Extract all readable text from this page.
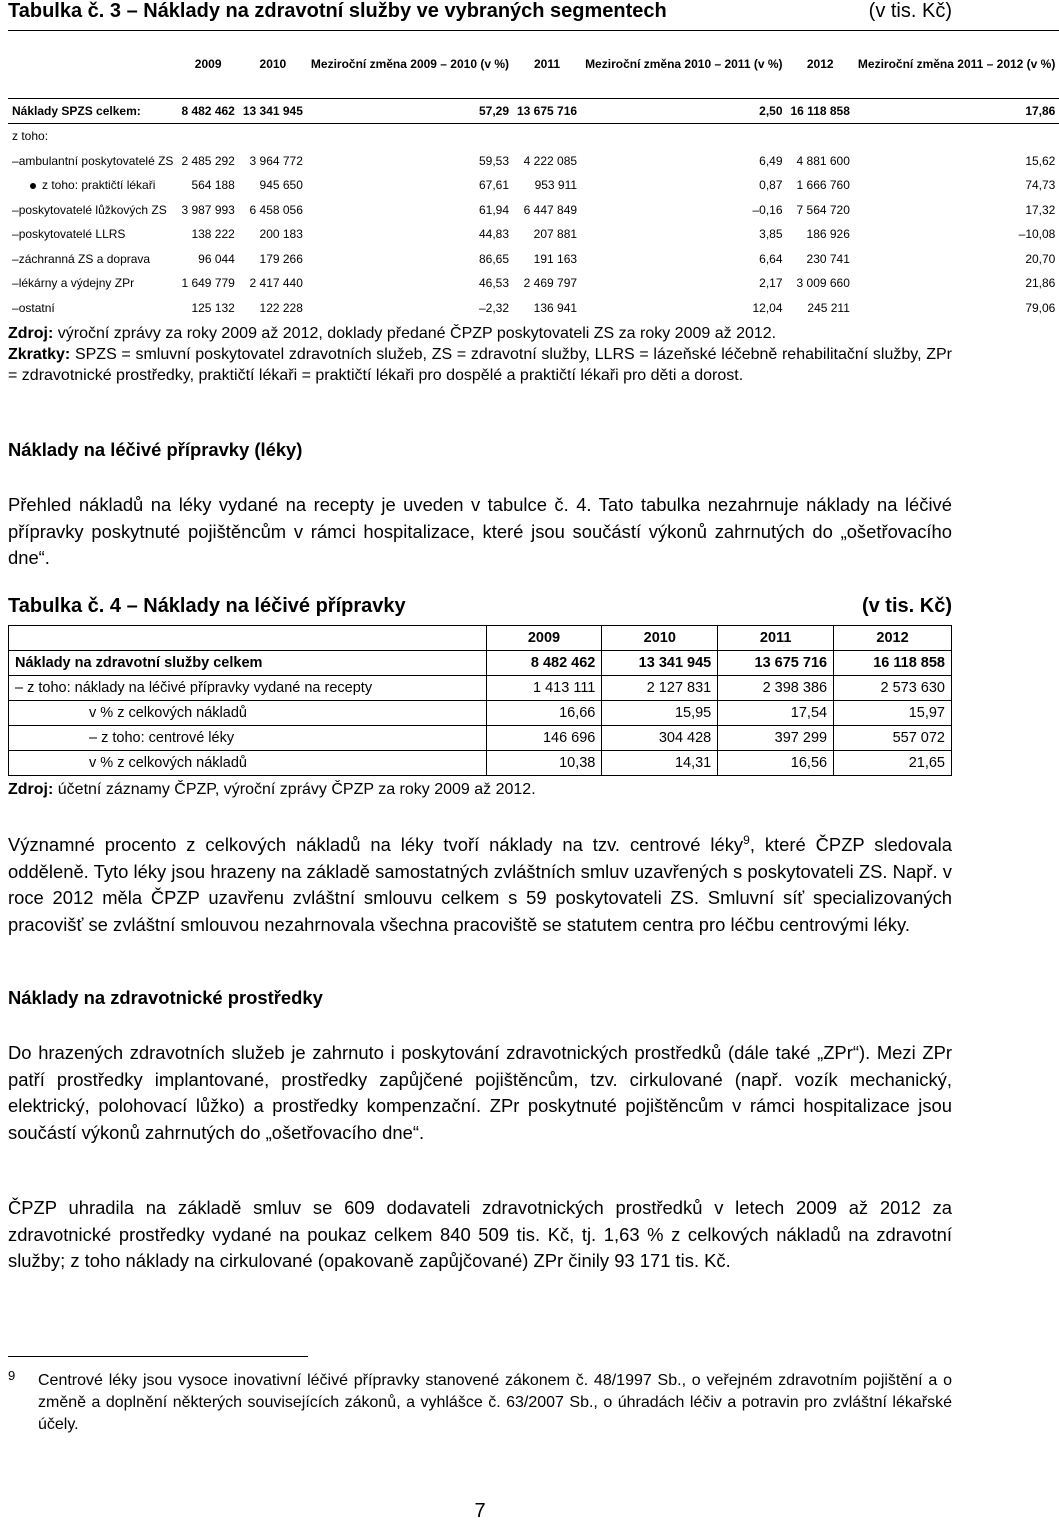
Tabulka č. 3 – Náklady na zdravotní služby ve vybraných segmentech	(v tis. Kč)
	2009	2010	Meziroční změna 2009 – 2010 (v %)	2011	Meziroční změna 2010 – 2011 (v %)	2012	Meziroční změna 2011 – 2012 (v %)
Náklady SPZS celkem:	8 482 462	13 341 945	57,29	13 675 716	2,50	16 118 858	17,86
z toho:							
– ambulantní poskytovatelé ZS	2 485 292	3 964 772	59,53	4 222 085	6,49	4 881 600	15,62
z toho: praktičtí lékaři	564 188	945 650	67,61	953 911	0,87	1 666 760	74,73
– poskytovatelé lůžkových ZS	3 987 993	6 458 056	61,94	6 447 849	–0,16	7 564 720	17,32
– poskytovatelé LLRS	138 222	200 183	44,83	207 881	3,85	186 926	–10,08
– záchranná ZS a doprava	96 044	179 266	86,65	191 163	6,64	230 741	20,70
– lékárny a výdejny ZPr	1 649 779	2 417 440	46,53	2 469 797	2,17	3 009 660	21,86
– ostatní	125 132	122 228	–2,32	136 941	12,04	245 211	79,06
Zdroj: výroční zprávy za roky 2009 až 2012, doklady předané ČPZP poskytovateli ZS za roky 2009 až 2012.
Zkratky: SPZS = smluvní poskytovatel zdravotních služeb, ZS = zdravotní služby, LLRS = lázeňské léčebně rehabilitační služby, ZPr = zdravotnické prostředky, praktičtí lékaři = praktičtí lékaři pro dospělé a praktičtí lékaři pro děti a dorost.
Náklady na léčivé přípravky (léky)
Přehled nákladů na léky vydané na recepty je uveden v tabulce č. 4. Tato tabulka nezahrnuje náklady na léčivé přípravky poskytnuté pojištěncům v rámci hospitalizace, které jsou součástí výkonů zahrnutých do „ošetřovacího dne“.
Tabulka č. 4 – Náklady na léčivé přípravky	(v tis. Kč)
	2009	2010	2011	2012
Náklady na zdravotní služby celkem	8 482 462	13 341 945	13 675 716	16 118 858
– z toho: náklady na léčivé přípravky vydané na recepty	1 413 111	2 127 831	2 398 386	2 573 630
v % z celkových nákladů	16,66	15,95	17,54	15,97
– z toho: centrové léky	146 696	304 428	397 299	557 072
v % z celkových nákladů	10,38	14,31	16,56	21,65
Zdroj: účetní záznamy ČPZP, výroční zprávy ČPZP za roky 2009 až 2012.
Významné procento z celkových nákladů na léky tvoří náklady na tzv. centrové léky$^9$, které ČPZP sledovala odděleně. Tyto léky jsou hrazeny na základě samostatných zvláštních smluv uzavřených s poskytovateli ZS. Např. v roce 2012 měla ČPZP uzavřenu zvláštní smlouvu celkem s 59 poskytovateli ZS. Smluvní síť specializovaných pracovišť se zvláštní smlouvou nezahrnovala všechna pracoviště se statutem centra pro léčbu centrovými léky.
Náklady na zdravotnické prostředky
Do hrazených zdravotních služeb je zahrnuto i poskytování zdravotnických prostředků (dále také „ZPr“). Mezi ZPr patří prostředky implantované, prostředky zapůjčené pojištěncům, tzv. cirkulované (např. vozík mechanický, elektrický, polohovací lůžko) a prostředky kompenzační. ZPr poskytnuté pojištěncům v rámci hospitalizace jsou součástí výkonů zahrnutých do „ošetřovacího dne“.
ČPZP uhradila na základě smluv se 609 dodavateli zdravotnických prostředků v letech 2009 až 2012 za zdravotnické prostředky vydané na poukaz celkem 840 509 tis. Kč, tj. 1,63 % z celkových nákladů na zdravotní služby; z toho náklady na cirkulované (opakovaně zapůjčované) ZPr činily 93 171 tis. Kč.
9 Centrové léky jsou vysoce inovativní léčivé přípravky stanovené zákonem č. 48/1997 Sb., o veřejném zdravotním pojištění a o změně a doplnění některých souvisejících zákonů, a vyhlášce č. 63/2007 Sb., o úhradách léčiv a potravin pro zvláštní lékařské účely.
7
